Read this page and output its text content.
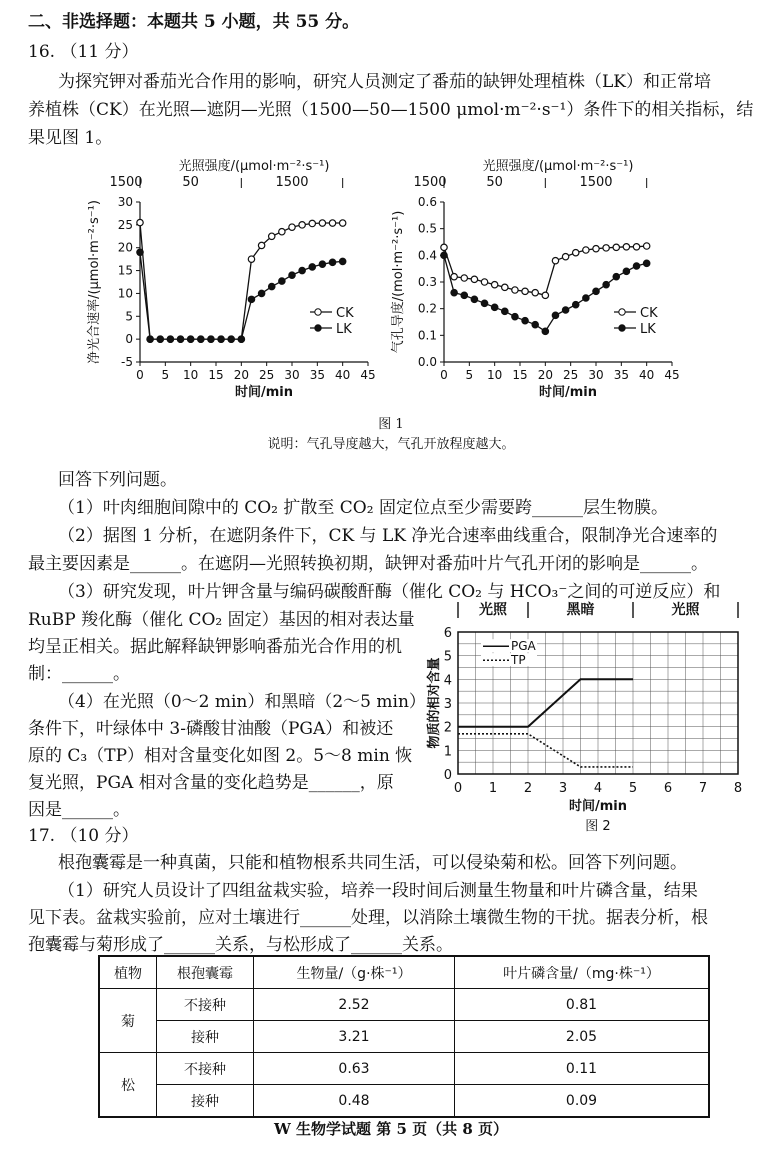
二、非选择题：本题共 5 小题，共 55 分。
16. （11 分）
为探究钾对番茄光合作用的影响，研究人员测定了番茄的缺钾处理植株（LK）和正常培
养植株（CK）在光照—遮阴—光照（1500—50—1500 μmol·m⁻²·s⁻¹）条件下的相关指标，结
果见图 1。
-5
0
5
10
15
20
25
30
0 5 10 15 20 25 30 35 40 45
时间/min
净光合速率/(μmol·m⁻²·s⁻¹)
光照强度/(μmol·m⁻²·s⁻¹)
1500	50	1500
CK
LK
0.0
0.1
0.2
0.3
0.4
0.5
0.6
0 5 10 15 20 25 30 35 40 45
时间/min
气孔导度/(mol·m⁻²·s⁻¹)
光照强度/(μmol·m⁻²·s⁻¹)
1500	50	1500
CK
LK
图 1
说明：气孔导度越大，气孔开放程度越大。
回答下列问题。
（1）叶肉细胞间隙中的 CO₂ 扩散至 CO₂ 固定位点至少需要跨______层生物膜。
（2）据图 1 分析，在遮阴条件下，CK 与 LK 净光合速率曲线重合，限制净光合速率的
最主要因素是______。在遮阴—光照转换初期，缺钾对番茄叶片气孔开闭的影响是______。
（3）研究发现，叶片钾含量与编码碳酸酐酶（催化 CO₂ 与 HCO₃⁻之间的可逆反应）和
RuBP 羧化酶（催化 CO₂ 固定）基因的相对表达量
均呈正相关。据此解释缺钾影响番茄光合作用的机
制：______。
（4）在光照（0～2 min）和黑暗（2～5 min）
条件下，叶绿体中 3-磷酸甘油酸（PGA）和被还
原的 C₃（TP）相对含量变化如图 2。5～8 min 恢
复光照，PGA 相对含量的变化趋势是______，原
因是______。
0
1
2
3
4
5
6
0 1 2 3 4 5 6 7 8
时间/min
图 2
物质的相对含量
光照	黑暗	光照
PGA
TP
17. （10 分）
根孢囊霉是一种真菌，只能和植物根系共同生活，可以侵染菊和松。回答下列问题。
（1）研究人员设计了四组盆栽实验，培养一段时间后测量生物量和叶片磷含量，结果
见下表。盆栽实验前，应对土壤进行______处理，以消除土壤微生物的干扰。据表分析，根
孢囊霉与菊形成了______关系，与松形成了______关系。
植物	根孢囊霉	生物量/（g·株⁻¹）	叶片磷含量/（mg·株⁻¹）
菊	不接种	2.52	0.81
	接种	3.21	2.05
松	不接种	0.63	0.11
	接种	0.48	0.09
W 生物学试题 第 5 页（共 8 页）
